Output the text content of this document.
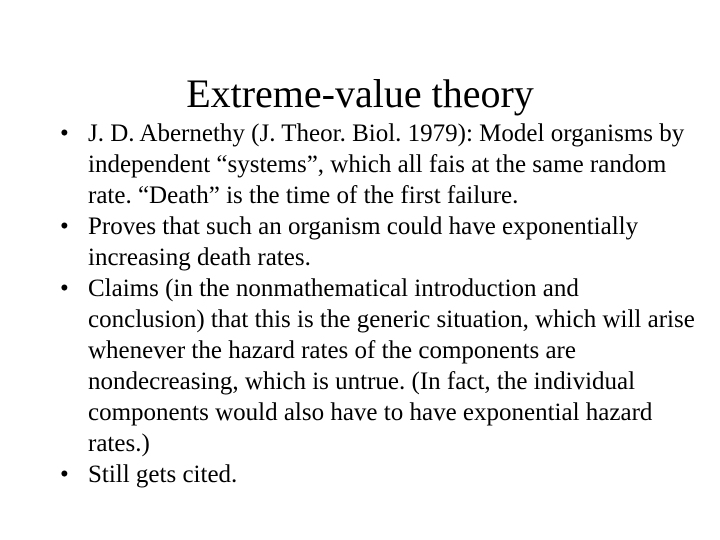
Extreme-value theory
• J. D. Abernethy (J. Theor. Biol. 1979): Model organisms by independent “systems”, which all fais at the same random rate. “Death” is the time of the first failure.
• Proves that such an organism could have exponentially increasing death rates.
• Claims (in the nonmathematical introduction and conclusion) that this is the generic situation, which will arise whenever the hazard rates of the components are nondecreasing, which is untrue. (In fact, the individual components would also have to have exponential hazard rates.)
• Still gets cited.
